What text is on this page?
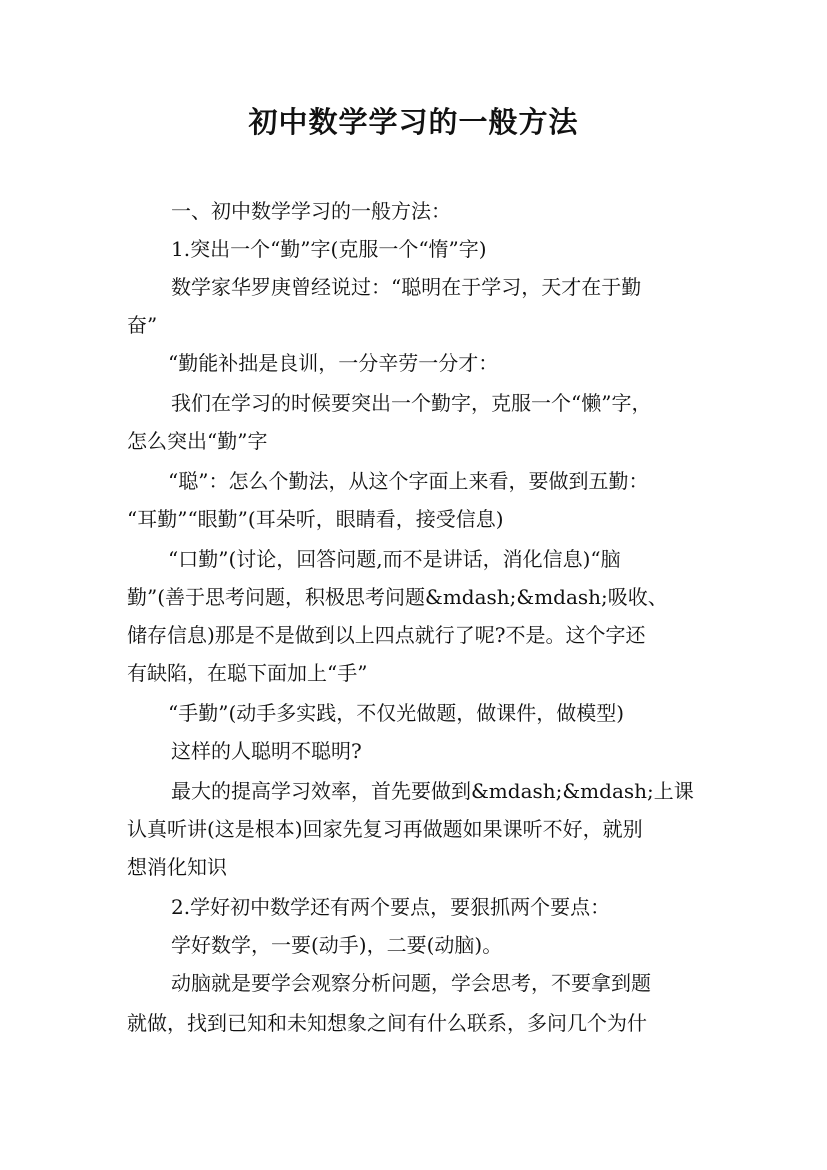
初中数学学习的一般方法
一、初中数学学习的一般方法：
1.突出一个“勤”字(克服一个“惰”字)
数学家华罗庚曾经说过：“聪明在于学习，天才在于勤
奋”
“勤能补拙是良训，一分辛劳一分才：
我们在学习的时候要突出一个勤字，克服一个“懒”字，
怎么突出“勤”字
“聪”：怎么个勤法，从这个字面上来看，要做到五勤：
“耳勤”“眼勤”(耳朵听，眼睛看，接受信息)
“口勤”(讨论，回答问题,而不是讲话，消化信息)“脑
勤”(善于思考问题，积极思考问题&mdash;&mdash;吸收、
储存信息)那是不是做到以上四点就行了呢?不是。这个字还
有缺陷，在聪下面加上“手”
“手勤”(动手多实践，不仅光做题，做课件，做模型)
这样的人聪明不聪明?
最大的提高学习效率，首先要做到&mdash;&mdash;上课
认真听讲(这是根本)回家先复习再做题如果课听不好，就别
想消化知识
2.学好初中数学还有两个要点，要狠抓两个要点：
学好数学，一要(动手)，二要(动脑)。
动脑就是要学会观察分析问题，学会思考，不要拿到题
就做，找到已知和未知想象之间有什么联系，多问几个为什
